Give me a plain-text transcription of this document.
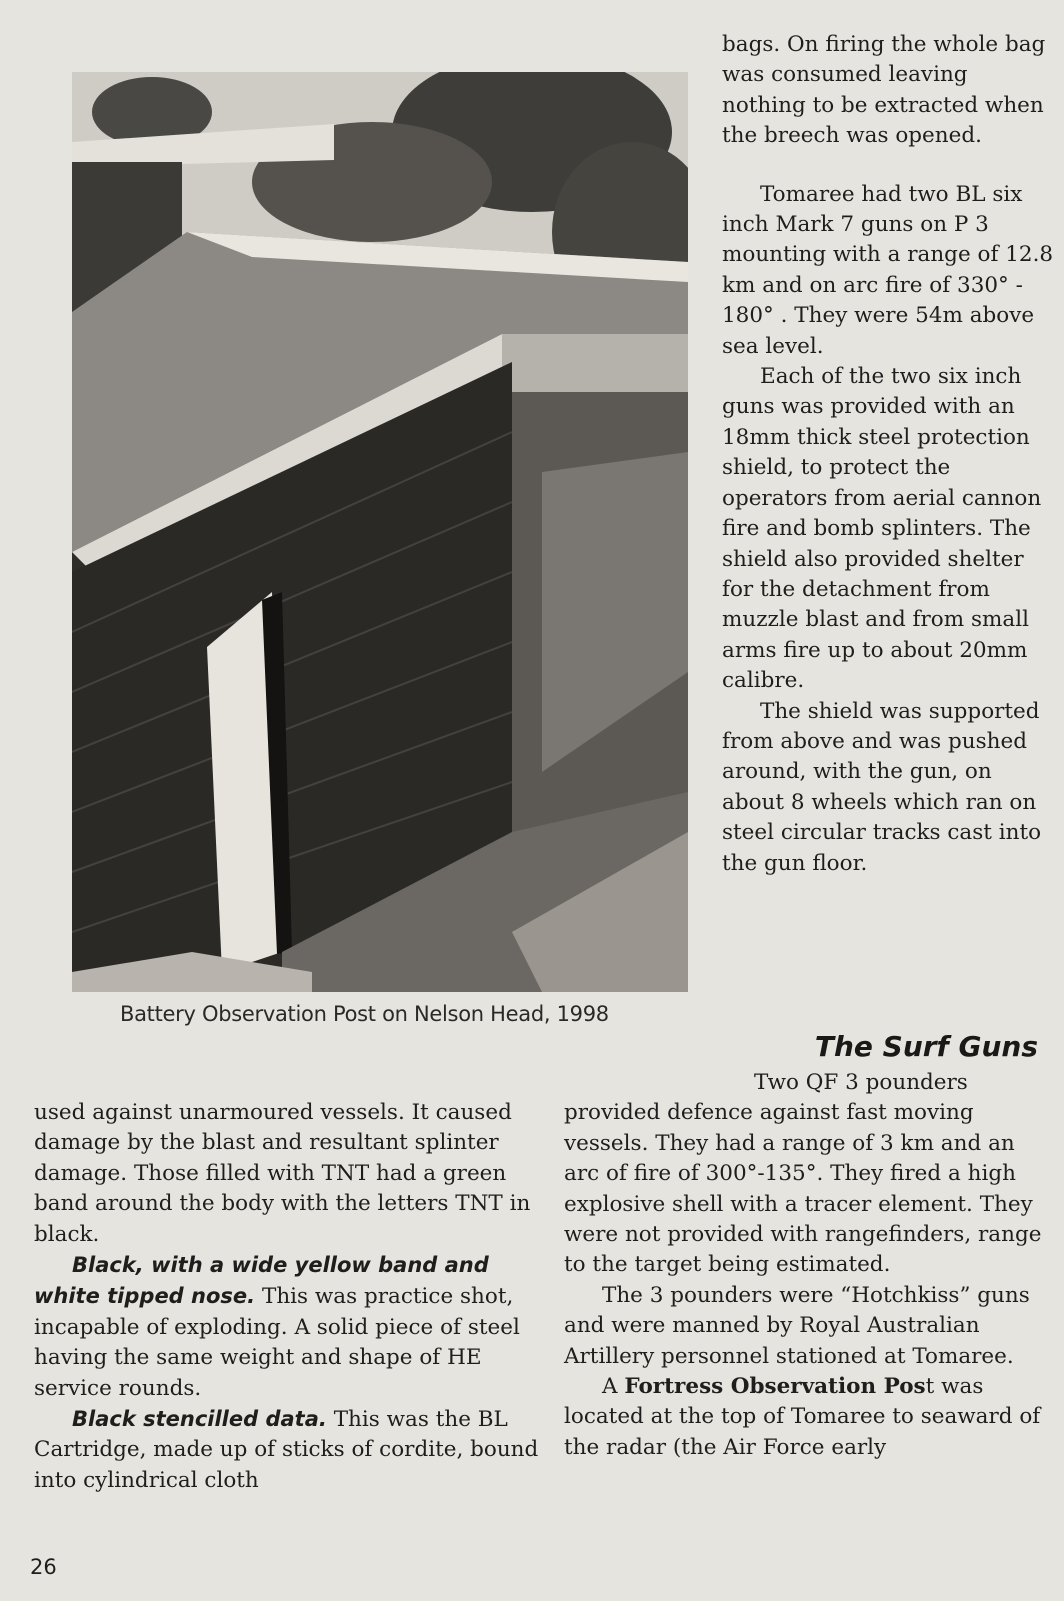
Battery Observation Post on Nelson Head, 1998

bags. On firing the whole bag was consumed leaving nothing to be extracted when the breech was opened.

Tomaree had two BL six inch Mark 7 guns on P 3 mounting with a range of 12.8 km and on arc fire of 330° - 180° . They were 54m above sea level.

Each of the two six inch guns was provided with an 18mm thick steel protection shield, to protect the operators from aerial cannon fire and bomb splinters. The shield also provided shelter for the detachment from muzzle blast and from small arms fire up to about 20mm calibre.

The shield was supported from above and was pushed around, with the gun, on about 8 wheels which ran on steel circular tracks cast into the gun floor.

The Surf Guns

used against unarmoured vessels. It caused damage by the blast and resultant splinter damage. Those filled with TNT had a green band around the body with the letters TNT in black.

Black, with a wide yellow band and white tipped nose. This was practice shot, incapable of exploding. A solid piece of steel having the same weight and shape of HE service rounds.

Black stencilled data. This was the BL Cartridge, made up of sticks of cordite, bound into cylindrical cloth

Two QF 3 pounders provided defence against fast moving vessels. They had a range of 3 km and an arc of fire of 300°-135°. They fired a high explosive shell with a tracer element. They were not provided with rangefinders, range to the target being estimated.

The 3 pounders were “Hotchkiss” guns and were manned by Royal Australian Artillery personnel stationed at Tomaree.

A Fortress Observation Post was located at the top of Tomaree to seaward of the radar (the Air Force early

26
